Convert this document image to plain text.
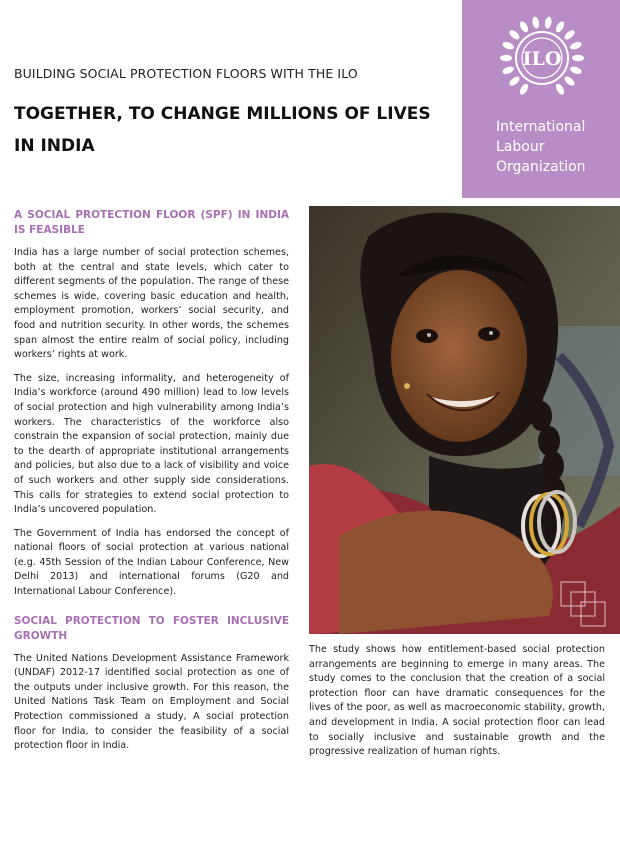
BUILDING SOCIAL PROTECTION FLOORS WITH THE ILO
TOGETHER, TO CHANGE MILLIONS OF LIVES IN INDIA
ILO
International
Labour
Organization
A SOCIAL PROTECTION FLOOR (SPF) IN INDIA IS FEASIBLE

India has a large number of social protection schemes, both at the central and state levels, which cater to different segments of the population. The range of these schemes is wide, covering basic education and health, employment promotion, workers’ social security, and food and nutrition security. In other words, the schemes span almost the entire realm of social policy, including workers’ rights at work.

The size, increasing informality, and heterogeneity of India’s workforce (around 490 million) lead to low levels of social protection and high vulnerability among India’s workers. The characteristics of the workforce also constrain the expansion of social protection, mainly due to the dearth of appropriate institutional arrangements and policies, but also due to a lack of visibility and voice of such workers and other supply side considerations. This calls for strategies to extend social protection to India’s uncovered population.

The Government of India has endorsed the concept of national floors of social protection at various national (e.g. 45th Session of the Indian Labour Conference, New Delhi 2013) and international forums (G20 and International Labour Conference).

SOCIAL PROTECTION TO FOSTER INCLUSIVE GROWTH

The United Nations Development Assistance Framework (UNDAF) 2012-17 identified social protection as one of the outputs under inclusive growth. For this reason, the United Nations Task Team on Employment and Social Protection commissioned a study, A social protection floor for India, to consider the feasibility of a social protection floor in India.

The study shows how entitlement-based social protection arrangements are beginning to emerge in many areas. The study comes to the conclusion that the creation of a social protection floor can have dramatic consequences for the lives of the poor, as well as macroeconomic stability, growth, and development in India. A social protection floor can lead to socially inclusive and sustainable growth and the progressive realization of human rights.
